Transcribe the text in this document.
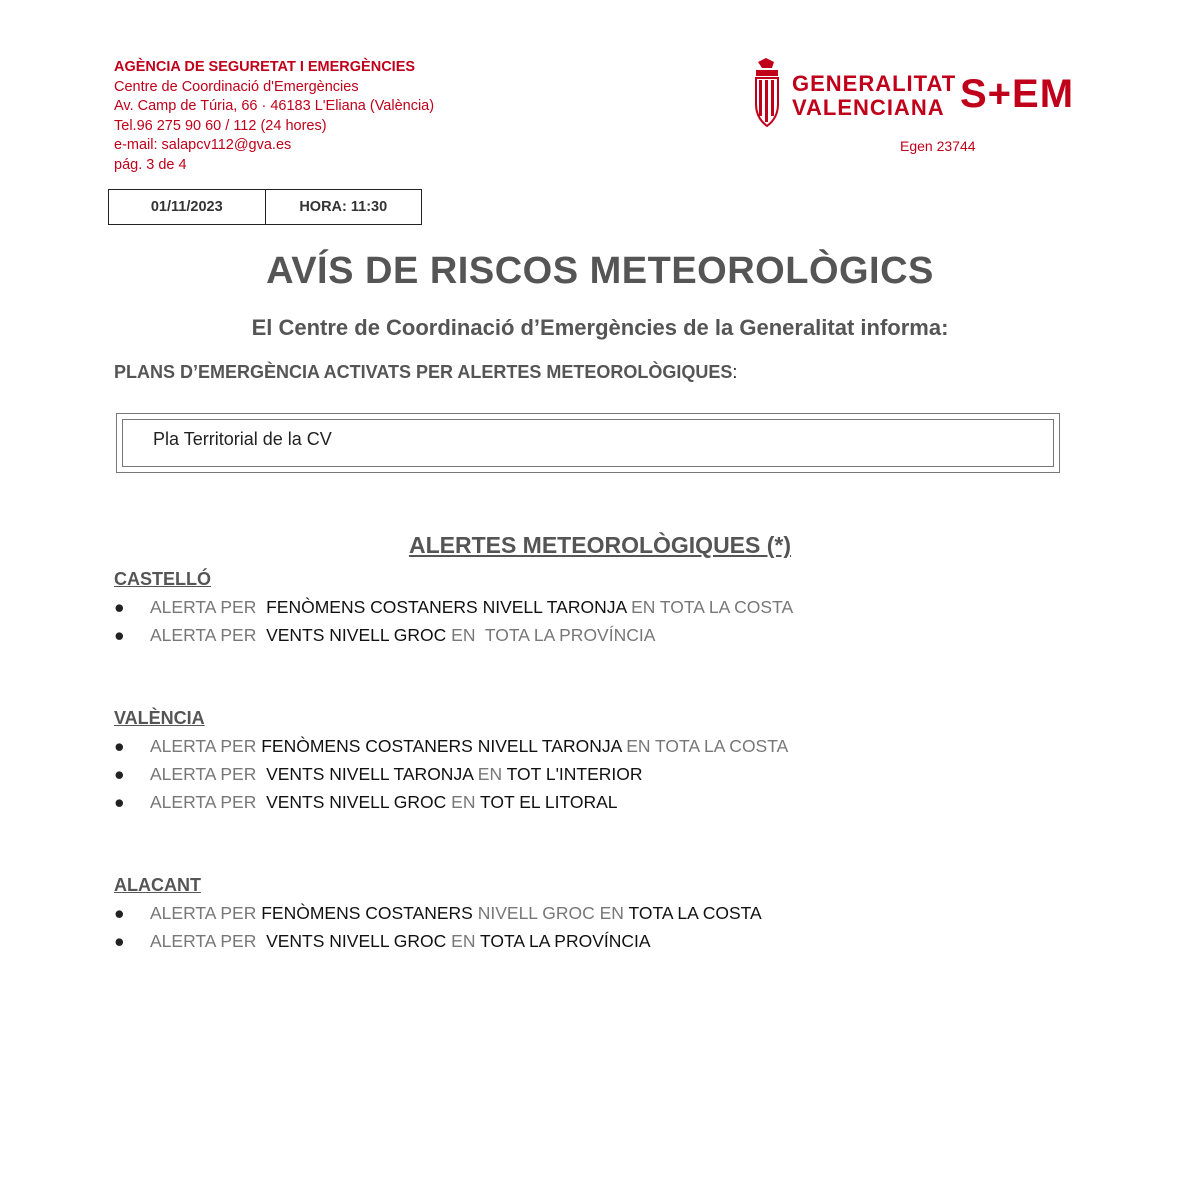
AGÈNCIA DE SEGURETAT I EMERGÈNCIES
Centre de Coordinació d'Emergències
Av. Camp de Túria, 66 · 46183 L'Eliana (València)
Tel.96 275 90 60 / 112 (24 hores)
e-mail: salapcv112@gva.es
pág. 3 de 4
GENERALITAT
VALENCIANA S+EM
Egen 23744
01/11/2023	HORA: 11:30
AVÍS DE RISCOS METEOROLÒGICS
El Centre de Coordinació d’Emergències de la Generalitat informa:
PLANS D’EMERGÈNCIA ACTIVATS PER ALERTES METEOROLÒGIQUES:
Pla Territorial de la CV
ALERTES METEOROLÒGIQUES (*)
CASTELLÓ
● ALERTA PER  FENÒMENS COSTANERS NIVELL TARONJA EN TOTA LA COSTA
● ALERTA PER  VENTS NIVELL GROC EN  TOTA LA PROVÍNCIA
VALÈNCIA
● ALERTA PER FENÒMENS COSTANERS NIVELL TARONJA EN TOTA LA COSTA
● ALERTA PER  VENTS NIVELL TARONJA EN TOT L'INTERIOR
● ALERTA PER  VENTS NIVELL GROC EN TOT EL LITORAL
ALACANT
● ALERTA PER FENÒMENS COSTANERS NIVELL GROC EN TOTA LA COSTA
● ALERTA PER  VENTS NIVELL GROC EN TOTA LA PROVÍNCIA
